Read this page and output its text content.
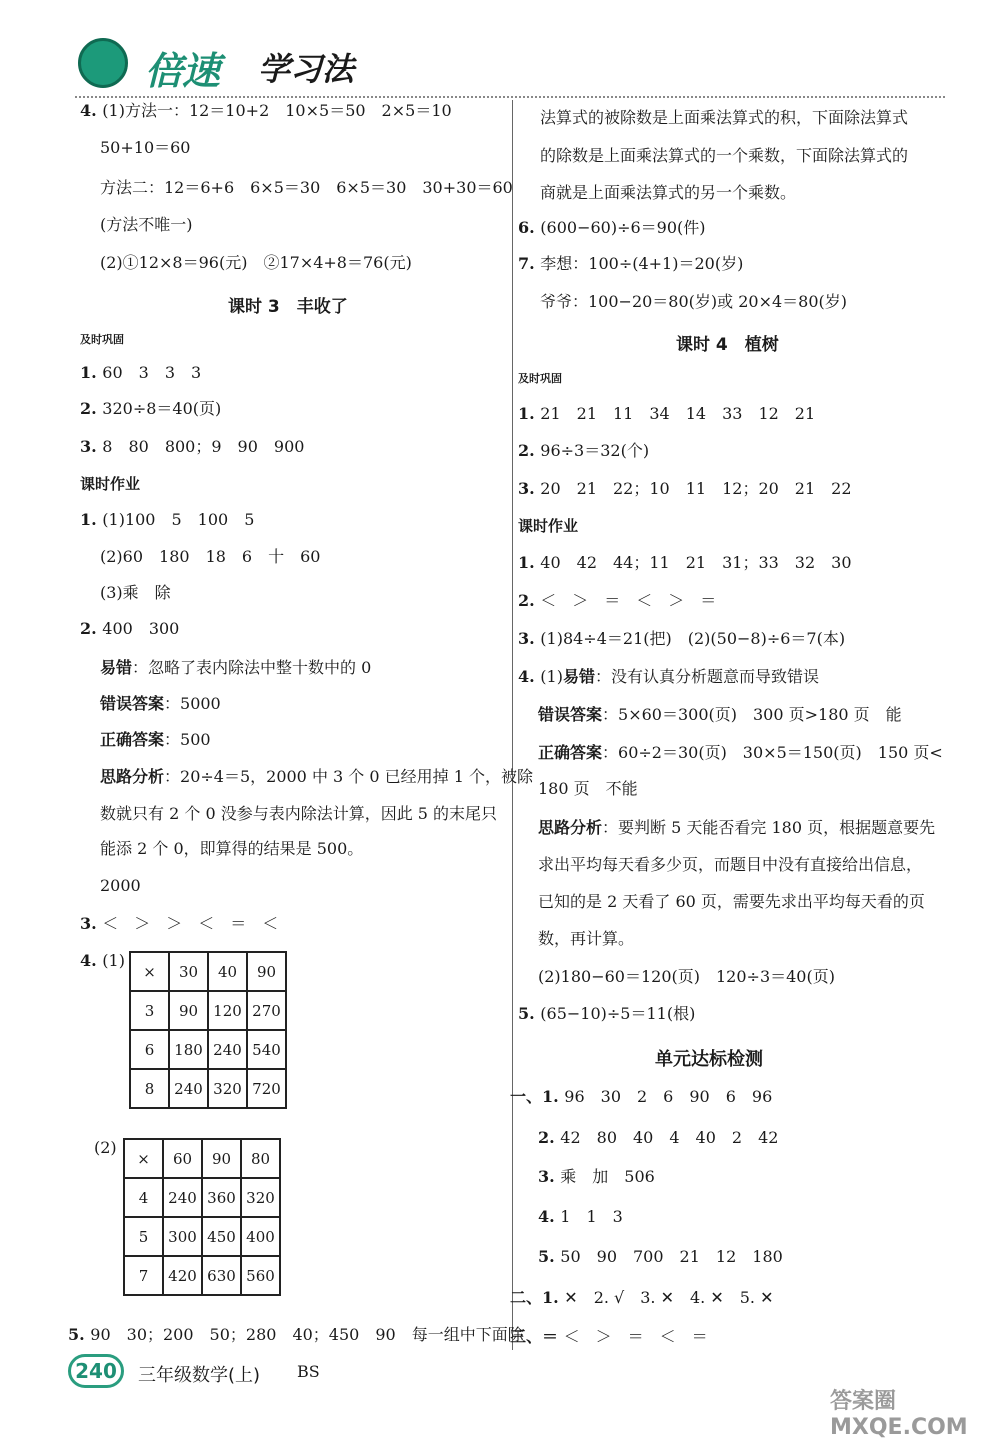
倍速 学习法
4. (1)方法一：12＝10+2　10×5＝50　2×5＝10
50+10＝60
方法二：12＝6+6　6×5＝30　6×5＝30　30+30＝60
(方法不唯一)
(2)①12×8＝96(元)　②17×4+8＝76(元)
课时 3　丰收了
及时巩固
1. 60　3　3　3
2. 320÷8＝40(页)
3. 8　80　800；9　90　900
课时作业
1. (1)100　5　100　5
(2)60　180　18　6　十　60
(3)乘　除
2. 400　300
易错：忽略了表内除法中整十数中的 0
错误答案：5000
正确答案：500
思路分析：20÷4＝5，2000 中 3 个 0 已经用掉 1 个，被除
数就只有 2 个 0 没参与表内除法计算，因此 5 的末尾只
能添 2 个 0，即算得的结果是 500。
2000
3. ＜　＞　＞　＜　＝　＜
4. (1)
×	30	40	90
3	90	120	270
6	180	240	540
8	240	320	720
(2)
×	60	90	80
4	240	360	320
5	300	450	400
7	420	630	560
5. 90　30；200　50；280　40；450　90　每一组中下面除
法算式的被除数是上面乘法算式的积，下面除法算式
的除数是上面乘法算式的一个乘数，下面除法算式的
商就是上面乘法算式的另一个乘数。
6. (600−60)÷6＝90(件)
7. 李想：100÷(4+1)＝20(岁)
爷爷：100−20＝80(岁)或 20×4＝80(岁)
课时 4　植树
及时巩固
1. 21　21　11　34　14　33　12　21
2. 96÷3＝32(个)
3. 20　21　22；10　11　12；20　21　22
课时作业
1. 40　42　44；11　21　31；33　32　30
2. ＜　＞　＝　＜　＞　＝
3. (1)84÷4＝21(把)　(2)(50−8)÷6＝7(本)
4. (1)易错：没有认真分析题意而导致错误
错误答案：5×60＝300(页)　300 页>180 页　能
正确答案：60÷2＝30(页)　30×5＝150(页)　150 页<
180 页　不能
思路分析：要判断 5 天能否看完 180 页，根据题意要先
求出平均每天看多少页，而题目中没有直接给出信息，
已知的是 2 天看了 60 页，需要先求出平均每天看的页
数，再计算。
(2)180−60＝120(页)　120÷3＝40(页)
5. (65−10)÷5＝11(根)
单元达标检测
一、1. 96　30　2　6　90　6　96
2. 42　80　40　4　40　2　42
3. 乘　加　506
4. 1　1　3
5. 50　90　700　21　12　180
二、1. ✕　2. √　3. ✕　4. ✕　5. ✕
三、＝ ＜　＞　＝　＜　＝
240	三年级数学(上) BS
答案圈 MXQE.COM
